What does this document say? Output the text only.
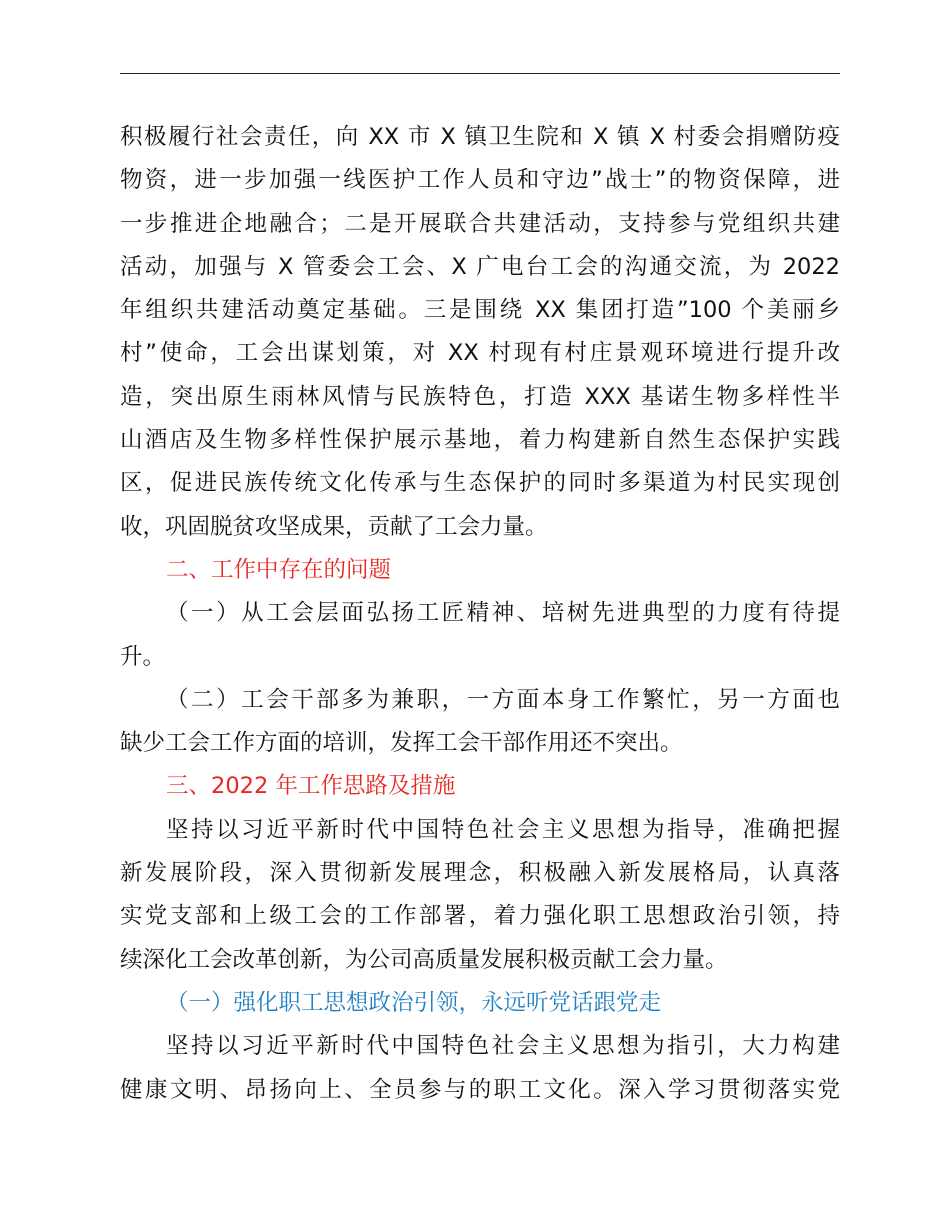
积极履行社会责任，向 XX 市 X 镇卫生院和 X 镇 X 村委会捐赠防疫
物资，进一步加强一线医护工作人员和守边”战士”的物资保障，进
一步推进企地融合；二是开展联合共建活动，支持参与党组织共建
活动，加强与 X 管委会工会、X 广电台工会的沟通交流，为 2022
年组织共建活动奠定基础。三是围绕 XX 集团打造”100 个美丽乡
村”使命，工会出谋划策，对 XX 村现有村庄景观环境进行提升改
造，突出原生雨林风情与民族特色，打造 XXX 基诺生物多样性半
山酒店及生物多样性保护展示基地，着力构建新自然生态保护实践
区，促进民族传统文化传承与生态保护的同时多渠道为村民实现创
收，巩固脱贫攻坚成果，贡献了工会力量。
二、工作中存在的问题
（一）从工会层面弘扬工匠精神、培树先进典型的力度有待提
升。
（二）工会干部多为兼职，一方面本身工作繁忙，另一方面也
缺少工会工作方面的培训，发挥工会干部作用还不突出。
三、2022 年工作思路及措施
坚持以习近平新时代中国特色社会主义思想为指导，准确把握
新发展阶段，深入贯彻新发展理念，积极融入新发展格局，认真落
实党支部和上级工会的工作部署，着力强化职工思想政治引领，持
续深化工会改革创新，为公司高质量发展积极贡献工会力量。
（一）强化职工思想政治引领，永远听党话跟党走
坚持以习近平新时代中国特色社会主义思想为指引，大力构建
健康文明、昂扬向上、全员参与的职工文化。深入学习贯彻落实党
